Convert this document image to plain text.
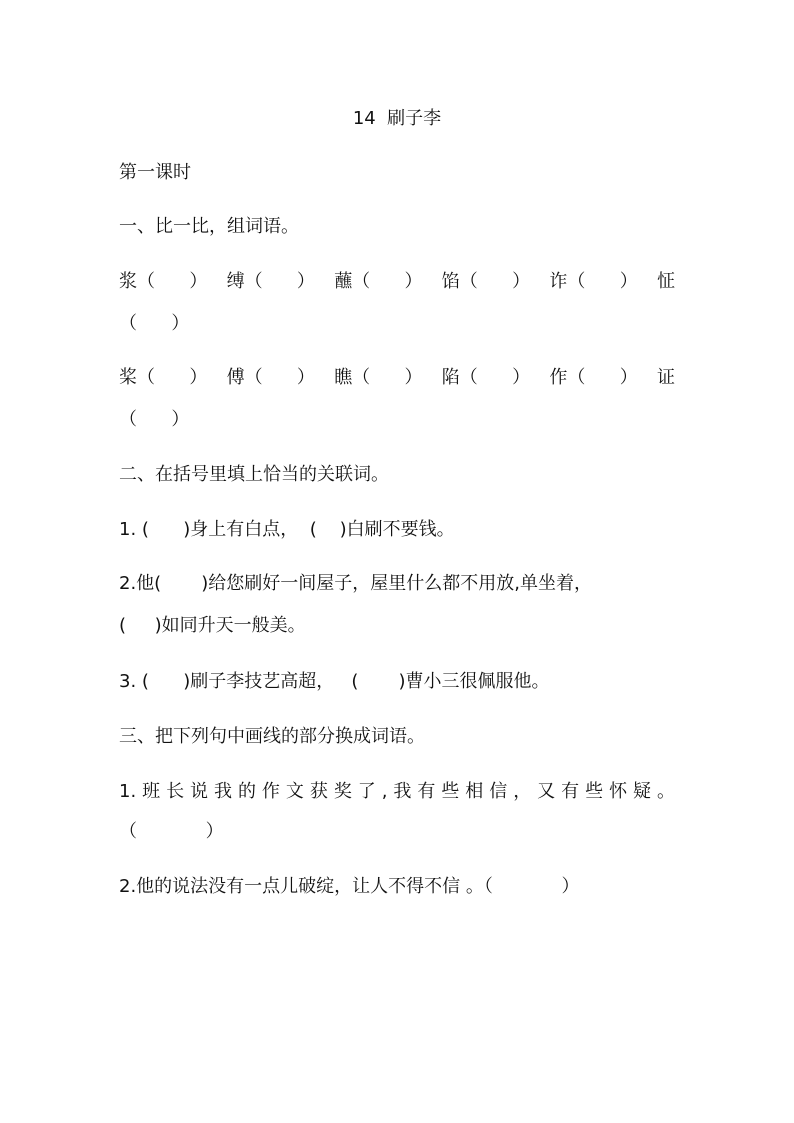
14  刷子李
第一课时
一、比一比，组词语。
浆（      ） 缚（      ） 蘸（      ） 馅（      ） 诈（      ） 怔
（      ）
桨（      ） 傅（      ） 瞧（      ） 陷（      ） 作（      ） 证
（      ）
二、在括号里填上恰当的关联词。
1. (      )身上有白点，  (    )白刷不要钱。
2.他(       )给您刷好一间屋子，屋里什么都不用放,单坐着，
(     )如同升天一般美。
3. (      )刷子李技艺高超，   (       )曹小三很佩服他。
三、把下列句中画线的部分换成词语。
1.班长说我的作文获奖了,我有些相信，又有些怀疑。
（            ）
2.他的说法没有一点儿破绽，让人不得不信 。（            ）
